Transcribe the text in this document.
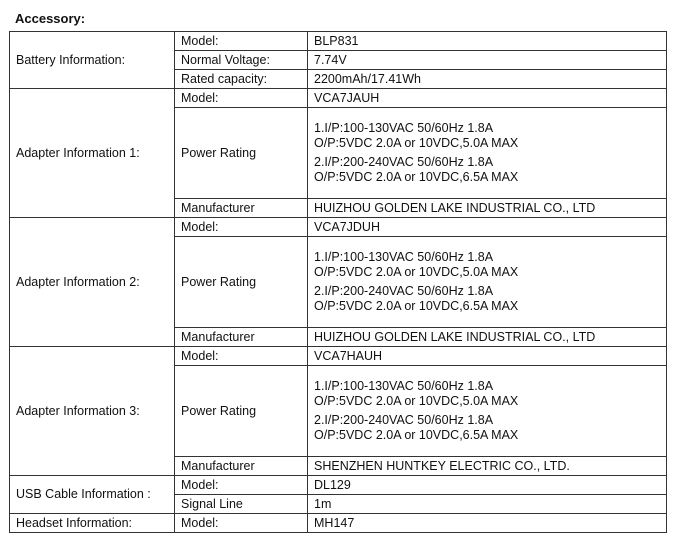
Accessory:
Battery Information:	Model:	BLP831
	Normal Voltage:	7.74V
	Rated capacity:	2200mAh/17.41Wh
Adapter Information 1:	Model:	VCA7JAUH
	Power Rating	1.I/P:100-130VAC 50/60Hz 1.8A
O/P:5VDC 2.0A or 10VDC,5.0A MAX
2.I/P:200-240VAC 50/60Hz 1.8A
O/P:5VDC 2.0A or 10VDC,6.5A MAX

	Manufacturer	HUIZHOU GOLDEN LAKE INDUSTRIAL CO., LTD
Adapter Information 2:	Model:	VCA7JDUH
	Power Rating	1.I/P:100-130VAC 50/60Hz 1.8A
O/P:5VDC 2.0A or 10VDC,5.0A MAX
2.I/P:200-240VAC 50/60Hz 1.8A
O/P:5VDC 2.0A or 10VDC,6.5A MAX

	Manufacturer	HUIZHOU GOLDEN LAKE INDUSTRIAL CO., LTD
Adapter Information 3:	Model:	VCA7HAUH
	Power Rating	1.I/P:100-130VAC 50/60Hz 1.8A
O/P:5VDC 2.0A or 10VDC,5.0A MAX
2.I/P:200-240VAC 50/60Hz 1.8A
O/P:5VDC 2.0A or 10VDC,6.5A MAX

	Manufacturer	SHENZHEN HUNTKEY ELECTRIC CO., LTD.
USB Cable Information :	Model:	DL129
	Signal Line	1m
Headset Information:	Model:	MH147
